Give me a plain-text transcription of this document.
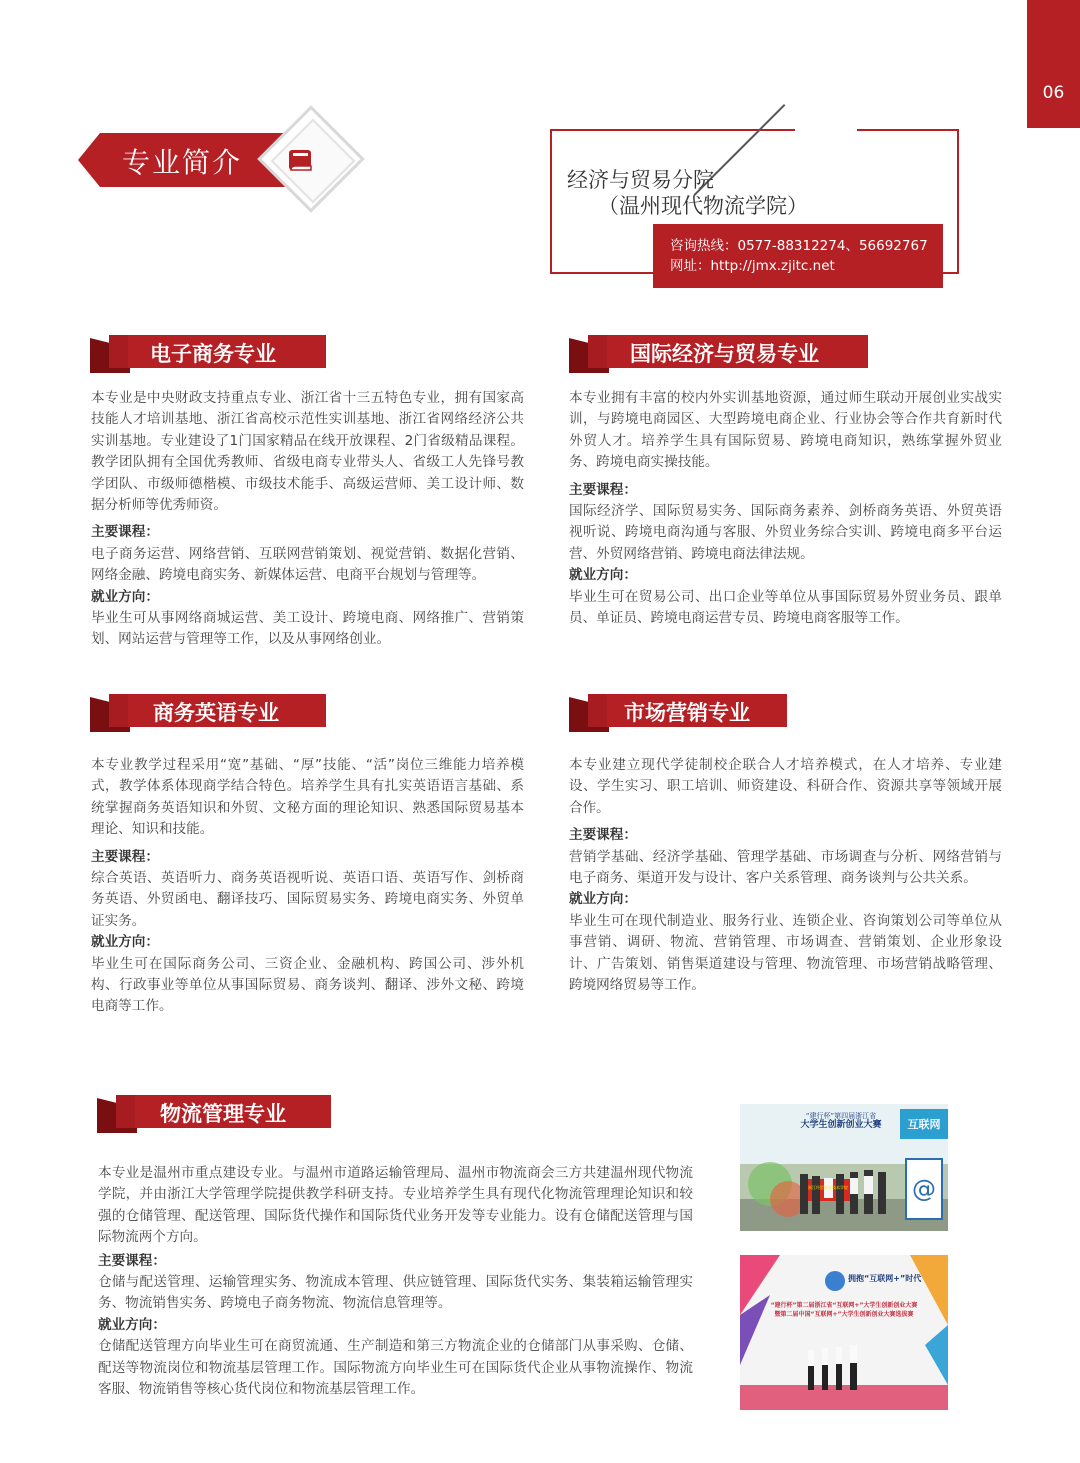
06
专业简介
经济与贸易分院
（温州现代物流学院）
咨询热线：0577-88312274、56692767
网址：http://jmx.zjitc.net
电子商务专业

本专业是中央财政支持重点专业、浙江省十三五特色专业，拥有国家高技能人才培训基地、浙江省高校示范性实训基地、浙江省网络经济公共实训基地。专业建设了1门国家精品在线开放课程、2门省级精品课程。教学团队拥有全国优秀教师、省级电商专业带头人、省级工人先锋号教学团队、市级师德楷模、市级技术能手、高级运营师、美工设计师、数据分析师等优秀师资。

主要课程：

电子商务运营、网络营销、互联网营销策划、视觉营销、数据化营销、网络金融、跨境电商实务、新媒体运营、电商平台规划与管理等。

就业方向：

毕业生可从事网络商城运营、美工设计、跨境电商、网络推广、营销策划、网站运营与管理等工作，以及从事网络创业。

国际经济与贸易专业

本专业拥有丰富的校内外实训基地资源，通过师生联动开展创业实战实训，与跨境电商园区、大型跨境电商企业、行业协会等合作共育新时代外贸人才。培养学生具有国际贸易、跨境电商知识，熟练掌握外贸业务、跨境电商实操技能。

主要课程：

国际经济学、国际贸易实务、国际商务素养、剑桥商务英语、外贸英语视听说、跨境电商沟通与客服、外贸业务综合实训、跨境电商多平台运营、外贸网络营销、跨境电商法律法规。

就业方向：

毕业生可在贸易公司、出口企业等单位从事国际贸易外贸业务员、跟单员、单证员、跨境电商运营专员、跨境电商客服等工作。

商务英语专业

本专业教学过程采用“宽”基础、“厚”技能、“活”岗位三维能力培养模式，教学体系体现商学结合特色。培养学生具有扎实英语语言基础、系统掌握商务英语知识和外贸、文秘方面的理论知识、熟悉国际贸易基本理论、知识和技能。

主要课程：

综合英语、英语听力、商务英语视听说、英语口语、英语写作、剑桥商务英语、外贸函电、翻译技巧、国际贸易实务、跨境电商实务、外贸单证实务。

就业方向：

毕业生可在国际商务公司、三资企业、金融机构、跨国公司、涉外机构、行政事业等单位从事国际贸易、商务谈判、翻译、涉外文秘、跨境电商等工作。

市场营销专业

本专业建立现代学徒制校企联合人才培养模式，在人才培养、专业建设、学生实习、职工培训、师资建设、科研合作、资源共享等领域开展合作。

主要课程：

营销学基础、经济学基础、管理学基础、市场调查与分析、网络营销与电子商务、渠道开发与设计、客户关系管理、商务谈判与公共关系。

就业方向：

毕业生可在现代制造业、服务行业、连锁企业、咨询策划公司等单位从事营销、调研、物流、营销管理、市场调查、营销策划、企业形象设计、广告策划、销售渠道建设与管理、物流管理、市场营销战略管理、跨境网络贸易等工作。

物流管理专业

本专业是温州市重点建设专业。与温州市道路运输管理局、温州市物流商会三方共建温州现代物流学院，并由浙江大学管理学院提供教学科研支持。专业培养学生具有现代化物流管理理论知识和较强的仓储管理、配送管理、国际货代操作和国际货代业务开发等专业能力。设有仓储配送管理与国际物流两个方向。

主要课程：

仓储与配送管理、运输管理实务、物流成本管理、供应链管理、国际货代实务、集装箱运输管理实务、物流销售实务、跨境电子商务物流、物流信息管理等。

就业方向：

仓储配送管理方向毕业生可在商贸流通、生产制造和第三方物流企业的仓储部门从事采购、仓储、配送等物流岗位和物流基层管理工作。国际物流方向毕业生可在国际货代企业从事物流操作、物流客服、物流销售等核心货代岗位和物流基层管理工作。

@
“建行杯”第四届浙江省
大学生创新创业大赛	互联网
浙江经贸职业技术学院
拥抱“互联网+”时代
“建行杯”第二届浙江省“互联网+”大学生创新创业大赛
暨第二届中国“互联网+”大学生创新创业大赛选拔赛
